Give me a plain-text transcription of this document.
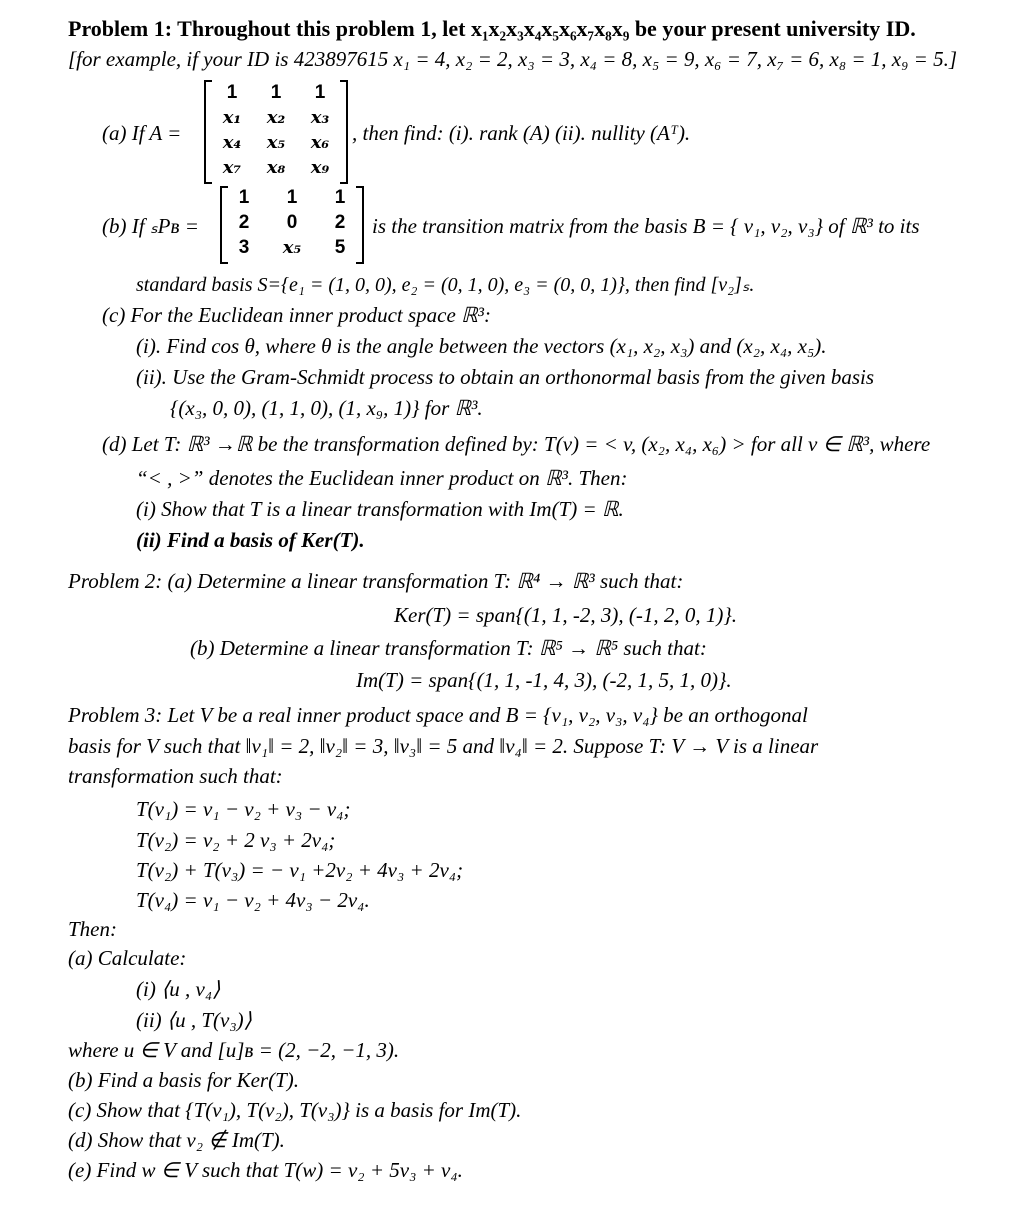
Problem 1: Throughout this problem 1, let x₁x₂x₃x₄x₅x₆x₇x₈x₉ be your present university ID.
[for example, if your ID is 423897615 x₁ = 4, x₂ = 2, x₃ = 3, x₄ = 8, x₅ = 9, x₆ = 7, x₇ = 6, x₈ = 1, x₉ = 5.]
(a) If A =
1	1	1
x₁	x₂	x₃
x₄	x₅	x₆
x₇	x₈	x₉
, then find: (i). rank (A) (ii). nullity (Aᵀ).
(b) If ₛPʙ =
1	1	1
2	0	2
3	x₅	5
is the transition matrix from the basis B = { v₁, v₂, v₃} of ℝ³ to its
standard basis S={e₁ = (1, 0, 0), e₂ = (0, 1, 0), e₃ = (0, 0, 1)}, then find [v₂]ₛ.
(c) For the Euclidean inner product space ℝ³:
(i). Find cos θ, where θ is the angle between the vectors (x₁, x₂, x₃) and (x₂, x₄, x₅).
(ii). Use the Gram-Schmidt process to obtain an orthonormal basis from the given basis
{(x₃, 0, 0), (1, 1, 0), (1, x₉, 1)} for ℝ³.
(d) Let T: ℝ³ →ℝ be the transformation defined by: T(v) = < v, (x₂, x₄, x₆) > for all v ∈ ℝ³, where
“< , >” denotes the Euclidean inner product on ℝ³. Then:
(i) Show that T is a linear transformation with Im(T) = ℝ.
(ii) Find a basis of Ker(T).
Problem 2: (a) Determine a linear transformation T: ℝ⁴ → ℝ³ such that:
Ker(T) = span{(1, 1, -2, 3), (-1, 2, 0, 1)}.
(b) Determine a linear transformation T: ℝ⁵ → ℝ⁵ such that:
Im(T) = span{(1, 1, -1, 4, 3), (-2, 1, 5, 1, 0)}.
Problem 3: Let V be a real inner product space and B = {v₁, v₂, v₃, v₄} be an orthogonal
basis for V such that ‖v₁‖ = 2, ‖v₂‖ = 3, ‖v₃‖ = 5 and ‖v₄‖ = 2. Suppose T: V → V is a linear
transformation such that:
T(v₁) = v₁ − v₂ + v₃ − v₄;
T(v₂) = v₂ + 2 v₃ + 2v₄;
T(v₂) + T(v₃) = − v₁ +2v₂ + 4v₃ + 2v₄;
T(v₄) = v₁ − v₂ + 4v₃ − 2v₄.
Then:
(a) Calculate:
(i) ⟨u , v₄⟩
(ii) ⟨u , T(v₃)⟩
where u ∈ V and [u]ʙ = (2, −2, −1, 3).
(b) Find a basis for Ker(T).
(c) Show that {T(v₁), T(v₂), T(v₃)} is a basis for Im(T).
(d) Show that v₂ ∉ Im(T).
(e) Find w ∈ V such that T(w) = v₂ + 5v₃ + v₄.
